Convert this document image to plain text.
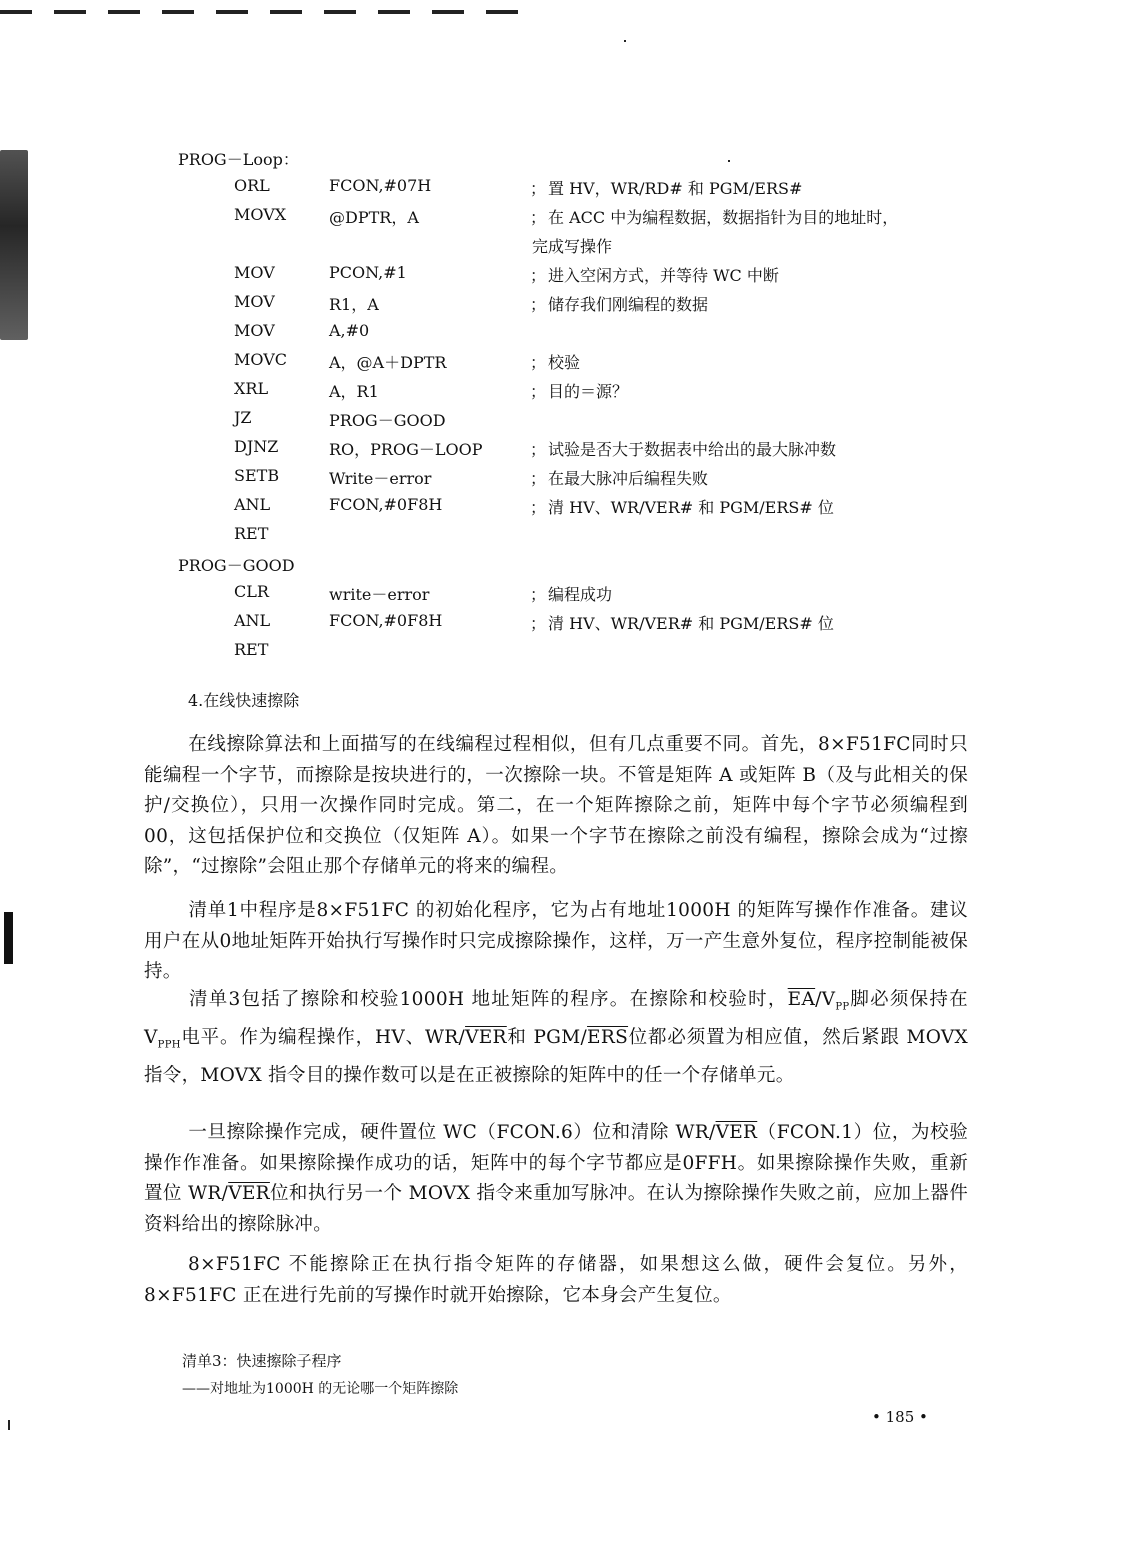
PROG－Loop：
ORL	FCON,#07H	； 置 HV，WR/RD# 和 PGM/ERS#
MOVX	@DPTR，A	； 在 ACC 中为编程数据，数据指针为目的地址时，
完成写操作
MOV	PCON,#1	； 进入空闲方式，并等待 WC 中断
MOV	R1，A	； 储存我们刚编程的数据
MOV	A,#0
MOVC	A，@A＋DPTR	； 校验
XRL	A，R1	； 目的＝源？
JZ	PROG－GOOD
DJNZ	RO，PROG－LOOP	； 试验是否大于数据表中给出的最大脉冲数
SETB	Write－error	； 在最大脉冲后编程失败
ANL	FCON,#0F8H	； 清 HV、WR/VER# 和 PGM/ERS# 位
RET
PROG－GOOD
CLR	write－error	； 编程成功
ANL	FCON,#0F8H	； 清 HV、WR/VER# 和 PGM/ERS# 位
RET
4.在线快速擦除

在线擦除算法和上面描写的在线编程过程相似，但有几点重要不同。首先，8×F51FC同时只能编程一个字节，而擦除是按块进行的，一次擦除一块。不管是矩阵 A 或矩阵 B（及与此相关的保护/交换位），只用一次操作同时完成。第二，在一个矩阵擦除之前，矩阵中每个字节必须编程到00，这包括保护位和交换位（仅矩阵 A）。如果一个字节在擦除之前没有编程，擦除会成为“过擦除”，“过擦除”会阻止那个存储单元的将来的编程。

清单1中程序是8×F51FC 的初始化程序，它为占有地址1000H 的矩阵写操作作准备。建议用户在从0地址矩阵开始执行写操作时只完成擦除操作，这样，万一产生意外复位，程序控制能被保持。

清单3包括了擦除和校验1000H 地址矩阵的程序。在擦除和校验时，$\overline{EA}/V_{PP}$脚必须保持在 $V_{PPH}$电平。作为编程操作，HV、$WR/\overline{VER}$和 PGM/$\overline{ERS}$位都必须置为相应值，然后紧跟 MOVX 指令，MOVX 指令目的操作数可以是在正被擦除的矩阵中的任一个存储单元。

一旦擦除操作完成，硬件置位 WC（FCON.6）位和清除 $WR/\overline{VER}(FCON.1)$位，为校验操作作准备。如果擦除操作成功的话，矩阵中的每个字节都应是0FFH。如果擦除操作失败，重新置位 $WR/\overline{VER}$位和执行另一个 MOVX 指令来重加写脉冲。在认为擦除操作失败之前，应加上器件资料给出的擦除脉冲。

8×F51FC 不能擦除正在执行指令矩阵的存储器，如果想这么做，硬件会复位。另外，8×F51FC 正在进行先前的写操作时就开始擦除，它本身会产生复位。

清单3：快速擦除子程序
——对地址为1000H 的无论哪一个矩阵擦除
• 185 •
